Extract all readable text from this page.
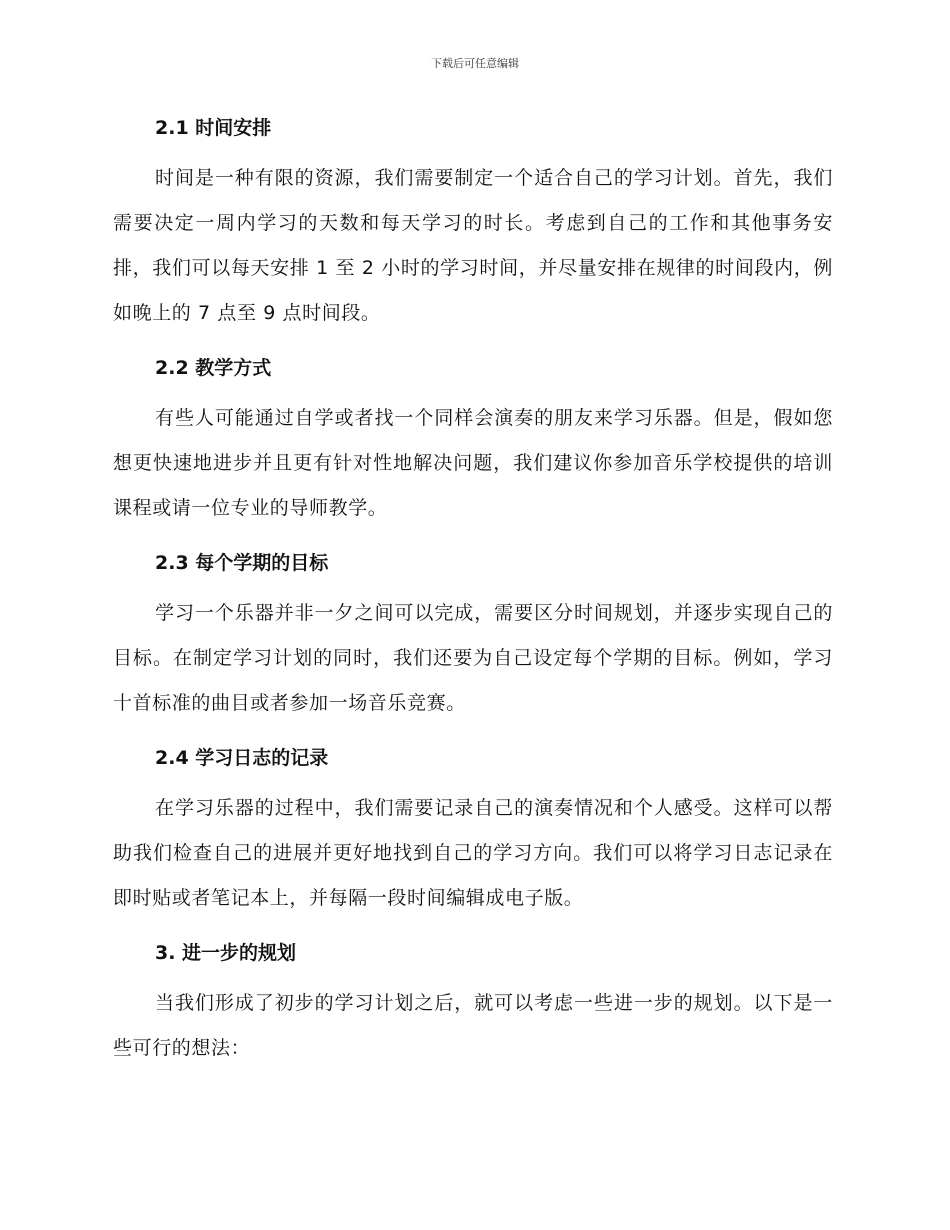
下载后可任意编辑
2.1 时间安排

时间是一种有限的资源，我们需要制定一个适合自己的学习计划。首先，我们需要决定一周内学习的天数和每天学习的时长。考虑到自己的工作和其他事务安排，我们可以每天安排 1 至 2 小时的学习时间，并尽量安排在规律的时间段内，例如晚上的 7 点至 9 点时间段。

2.2 教学方式

有些人可能通过自学或者找一个同样会演奏的朋友来学习乐器。但是，假如您想更快速地进步并且更有针对性地解决问题，我们建议你参加音乐学校提供的培训课程或请一位专业的导师教学。

2.3 每个学期的目标

学习一个乐器并非一夕之间可以完成，需要区分时间规划，并逐步实现自己的目标。在制定学习计划的同时，我们还要为自己设定每个学期的目标。例如，学习十首标准的曲目或者参加一场音乐竞赛。

2.4 学习日志的记录

在学习乐器的过程中，我们需要记录自己的演奏情况和个人感受。这样可以帮助我们检查自己的进展并更好地找到自己的学习方向。我们可以将学习日志记录在即时贴或者笔记本上，并每隔一段时间编辑成电子版。

3. 进一步的规划

当我们形成了初步的学习计划之后，就可以考虑一些进一步的规划。以下是一些可行的想法：
